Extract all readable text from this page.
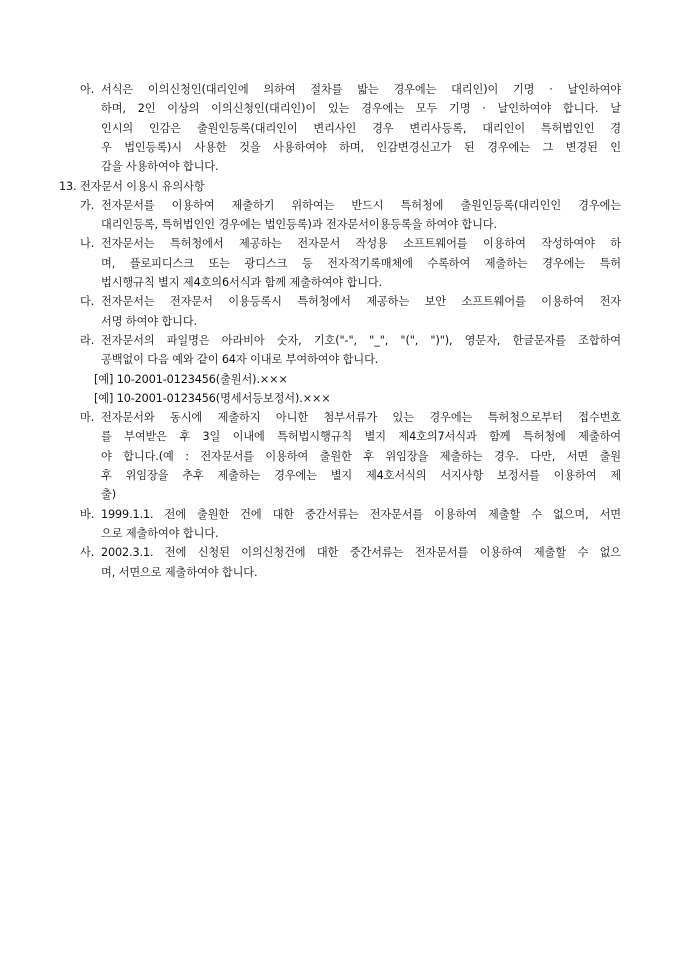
아. 서식은 이의신청인(대리인에 의하여 절차를 밟는 경우에는 대리인)이 기명 · 날인하여야
하며, 2인 이상의 이의신청인(대리인)이 있는 경우에는 모두 기명 · 날인하여야 합니다. 날
인시의 인감은 출원인등록(대리인이 변리사인 경우 변리사등록, 대리인이 특허법인인 경
우 법인등록)시 사용한 것을 사용하여야 하며, 인감변경신고가 된 경우에는 그 변경된 인
감을 사용하여야 합니다.
13. 전자문서 이용시 유의사항
가. 전자문서를 이용하여 제출하기 위하여는 반드시 특허청에 출원인등록(대리인인 경우에는
대리인등록, 특허법인인 경우에는 법인등록)과 전자문서이용등록을 하여야 합니다.
나. 전자문서는 특허청에서 제공하는 전자문서 작성용 소프트웨어를 이용하여 작성하여야 하
며, 플로피디스크 또는 광디스크 등 전자적기록매체에 수록하여 제출하는 경우에는 특허
법시행규칙 별지 제4호의6서식과 함께 제출하여야 합니다.
다. 전자문서는 전자문서 이용등록시 특허청에서 제공하는 보안 소프트웨어를 이용하여 전자
서명 하여야 합니다.
라. 전자문서의 파일명은 아라비아 숫자, 기호("-", "_", "(", ")"), 영문자, 한글문자를 조합하여
공백없이 다음 예와 같이 64자 이내로 부여하여야 합니다.
[예] 10-2001-0123456(출원서).×××
[예] 10-2001-0123456(명세서등보정서).×××
마. 전자문서와 동시에 제출하지 아니한 첨부서류가 있는 경우에는 특허청으로부터 접수번호
를 부여받은 후 3일 이내에 특허법시행규칙 별지 제4호의7서식과 함께 특허청에 제출하여
야 합니다.(예 : 전자문서를 이용하여 출원한 후 위임장을 제출하는 경우. 다만, 서면 출원
후 위임장을 추후 제출하는 경우에는 별지 제4호서식의 서지사항 보정서를 이용하여 제
출)
바. 1999.1.1. 전에 출원한 건에 대한 중간서류는 전자문서를 이용하여 제출할 수 없으며, 서면
으로 제출하여야 합니다.
사. 2002.3.1. 전에 신청된 이의신청건에 대한 중간서류는 전자문서를 이용하여 제출할 수 없으
며, 서면으로 제출하여야 합니다.
